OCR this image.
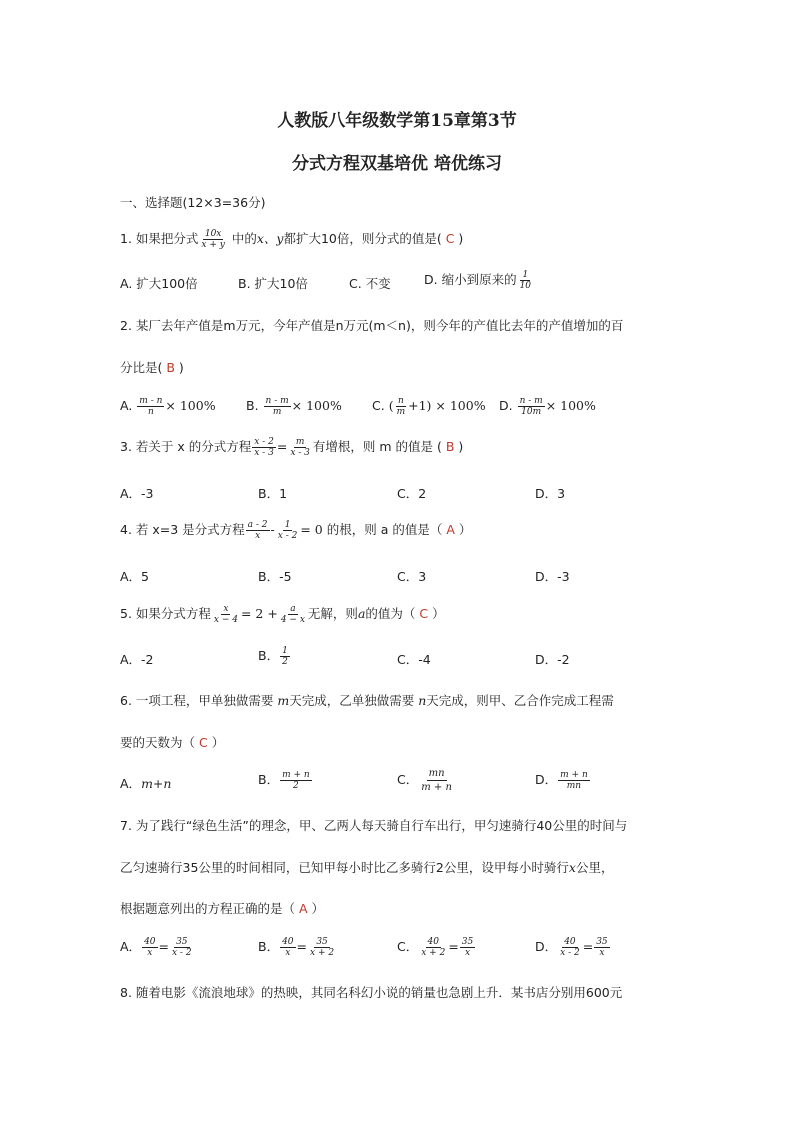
人教版八年级数学第15章第3节
分式方程双基培优 培优练习
一、选择题(12×3=36分)
1. 如果把分式 $\frac{10x}{x + y}$ 中的x、y都扩大10倍，则分式的值是( C )
A. 扩大100倍	B. 扩大10倍	C. 不变	D. 缩小到原来的 $\frac{1}{10}$
2. 某厂去年产值是m万元，今年产值是n万元(m＜n)，则今年的产值比去年的产值增加的百
分比是( B )
A. $\frac{m - n}{n} \times 100\%$ B. $\frac{n - m}{m} \times 100\%$ C. ( $\frac{n}{m} +1) \times 100\%$ D. $\frac{n - m}{10m} \times 100\%$
3. 若关于 x 的分式方程 $\frac{x - 2}{x - 3} = \frac{m}{x - 3}$ 有增根，则 m 的值是 ( B )
A．-3	B．1	C．2	D．3
4. 若 x=3 是分式方程 $\frac{a - 2}{x} - \frac{1}{x - 2} = 0$ 的根，则 a 的值是（ A ）
A．5	B．-5	C．3	D．-3
5. 如果分式方程 $\frac{x}{x - 4} = 2 + \frac{a}{4 - x}$ 无解，则a的值为（ C ）
A．-2	B． $\frac{1}{2}$	C．-4	D．-2
6. 一项工程，甲单独做需要 m天完成，乙单独做需要 n天完成，则甲、乙合作完成工程需
要的天数为（ C ）
A．m+n	B． $\frac{m + n}{2}$	C． $\frac{mn}{m + n}$	D． $\frac{m + n}{mn}$
7. 为了践行“绿色生活”的理念，甲、乙两人每天骑自行车出行，甲匀速骑行40公里的时间与
乙匀速骑行35公里的时间相同，已知甲每小时比乙多骑行2公里，设甲每小时骑行x公里，
根据题意列出的方程正确的是（ A ）
A． $\frac{40}{x} = \frac{35}{x - 2}$	B． $\frac{40}{x} = \frac{35}{x + 2}$	C． $\frac{40}{x + 2} = \frac{35}{x}$	D． $\frac{40}{x - 2} = \frac{35}{x}$
8. 随着电影《流浪地球》的热映，其同名科幻小说的销量也急剧上升．某书店分别用600元
